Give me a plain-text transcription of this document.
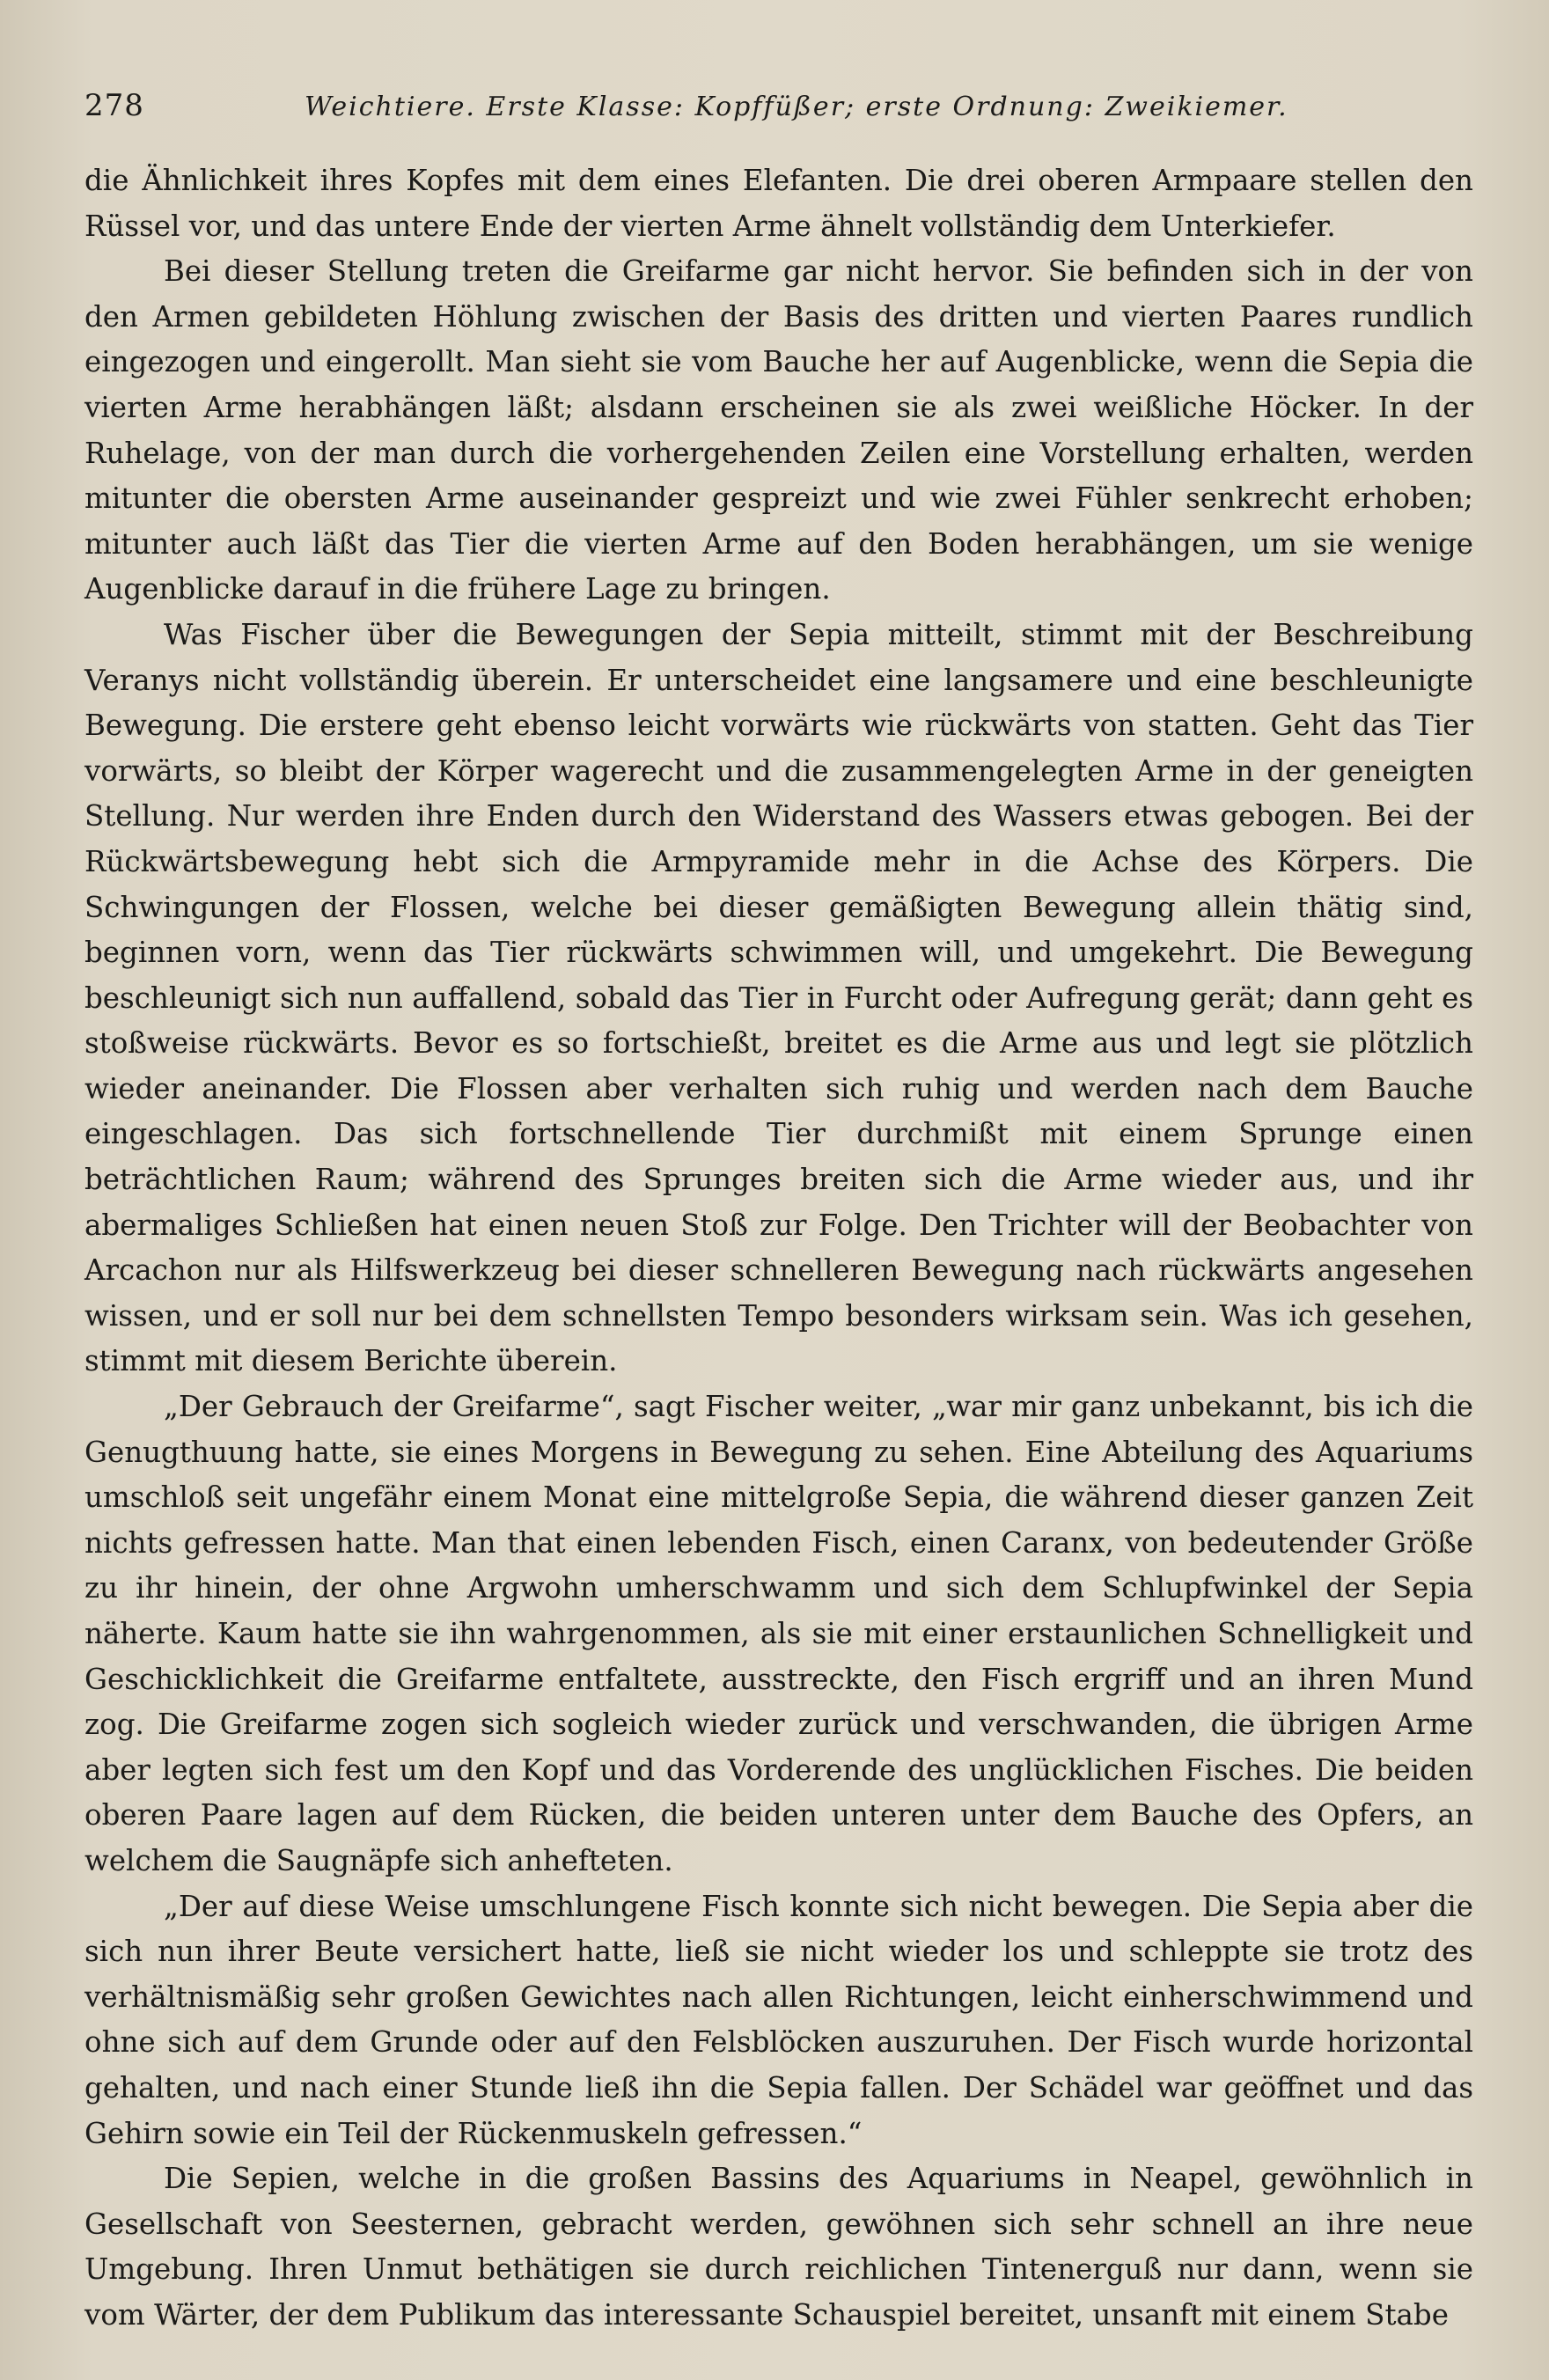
278	Weichtiere. Erste Klasse: Kopffüßer; erste Ordnung: Zweikiemer.

die Ähnlichkeit ihres Kopfes mit dem eines Elefanten. Die drei oberen Armpaare stellen den Rüssel vor, und das untere Ende der vierten Arme ähnelt vollständig dem Unterkiefer.

Bei dieser Stellung treten die Greifarme gar nicht hervor. Sie befinden sich in der von den Armen gebildeten Höhlung zwischen der Basis des dritten und vierten Paares rundlich eingezogen und eingerollt. Man sieht sie vom Bauche her auf Augenblicke, wenn die Sepia die vierten Arme herabhängen läßt; alsdann erscheinen sie als zwei weißliche Höcker. In der Ruhelage, von der man durch die vorhergehenden Zeilen eine Vorstellung erhalten, werden mitunter die obersten Arme auseinander gespreizt und wie zwei Fühler senkrecht erhoben; mitunter auch läßt das Tier die vierten Arme auf den Boden herabhängen, um sie wenige Augenblicke darauf in die frühere Lage zu bringen.

Was Fischer über die Bewegungen der Sepia mitteilt, stimmt mit der Beschreibung Veranys nicht vollständig überein. Er unterscheidet eine langsamere und eine beschleunigte Bewegung. Die erstere geht ebenso leicht vorwärts wie rückwärts von statten. Geht das Tier vorwärts, so bleibt der Körper wagerecht und die zusammengelegten Arme in der geneigten Stellung. Nur werden ihre Enden durch den Widerstand des Wassers etwas gebogen. Bei der Rückwärtsbewegung hebt sich die Armpyramide mehr in die Achse des Körpers. Die Schwingungen der Flossen, welche bei dieser gemäßigten Bewegung allein thätig sind, beginnen vorn, wenn das Tier rückwärts schwimmen will, und umgekehrt. Die Bewegung beschleunigt sich nun auffallend, sobald das Tier in Furcht oder Aufregung gerät; dann geht es stoßweise rückwärts. Bevor es so fortschießt, breitet es die Arme aus und legt sie plötzlich wieder aneinander. Die Flossen aber verhalten sich ruhig und werden nach dem Bauche eingeschlagen. Das sich fortschnellende Tier durchmißt mit einem Sprunge einen beträchtlichen Raum; während des Sprunges breiten sich die Arme wieder aus, und ihr abermaliges Schließen hat einen neuen Stoß zur Folge. Den Trichter will der Beobachter von Arcachon nur als Hilfswerkzeug bei dieser schnelleren Bewegung nach rückwärts angesehen wissen, und er soll nur bei dem schnellsten Tempo besonders wirksam sein. Was ich gesehen, stimmt mit diesem Berichte überein.

„Der Gebrauch der Greifarme“, sagt Fischer weiter, „war mir ganz unbekannt, bis ich die Genugthuung hatte, sie eines Morgens in Bewegung zu sehen. Eine Abteilung des Aquariums umschloß seit ungefähr einem Monat eine mittelgroße Sepia, die während dieser ganzen Zeit nichts gefressen hatte. Man that einen lebenden Fisch, einen Caranx, von bedeutender Größe zu ihr hinein, der ohne Argwohn umherschwamm und sich dem Schlupfwinkel der Sepia näherte. Kaum hatte sie ihn wahrgenommen, als sie mit einer erstaunlichen Schnelligkeit und Geschicklichkeit die Greifarme entfaltete, ausstreckte, den Fisch ergriff und an ihren Mund zog. Die Greifarme zogen sich sogleich wieder zurück und verschwanden, die übrigen Arme aber legten sich fest um den Kopf und das Vorderende des unglücklichen Fisches. Die beiden oberen Paare lagen auf dem Rücken, die beiden unteren unter dem Bauche des Opfers, an welchem die Saugnäpfe sich anhefteten.

„Der auf diese Weise umschlungene Fisch konnte sich nicht bewegen. Die Sepia aber die sich nun ihrer Beute versichert hatte, ließ sie nicht wieder los und schleppte sie trotz des verhältnismäßig sehr großen Gewichtes nach allen Richtungen, leicht einherschwimmend und ohne sich auf dem Grunde oder auf den Felsblöcken auszuruhen. Der Fisch wurde horizontal gehalten, und nach einer Stunde ließ ihn die Sepia fallen. Der Schädel war geöffnet und das Gehirn sowie ein Teil der Rückenmuskeln gefressen.“

Die Sepien, welche in die großen Bassins des Aquariums in Neapel, gewöhnlich in Gesellschaft von Seesternen, gebracht werden, gewöhnen sich sehr schnell an ihre neue Umgebung. Ihren Unmut bethätigen sie durch reichlichen Tintenerguß nur dann, wenn sie vom Wärter, der dem Publikum das interessante Schauspiel bereitet, unsanft mit einem Stabe
